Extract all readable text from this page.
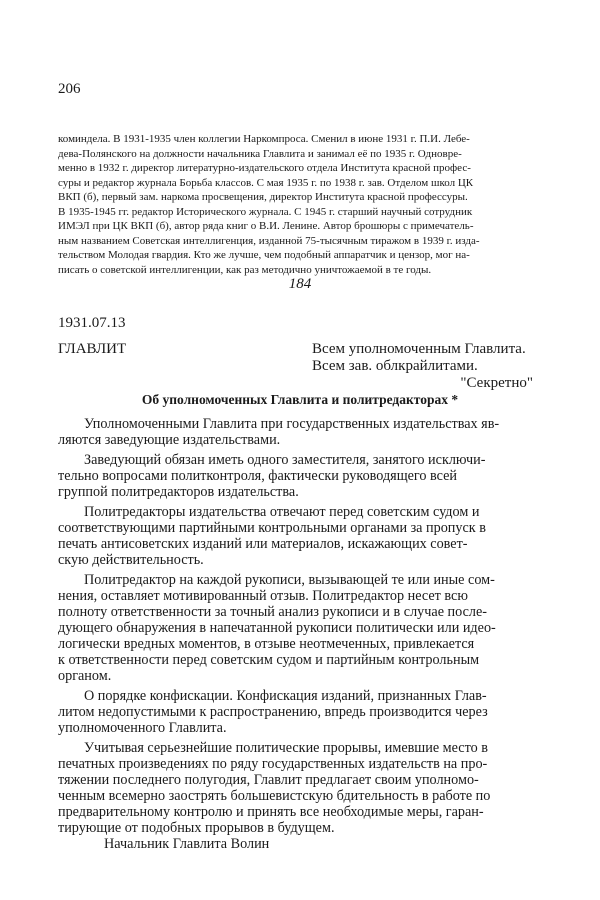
206
коминдела. В 1931-1935 член коллегии Наркомпроса. Сменил в июне 1931 г. П.И. Лебе-
дева-Полянского на должности начальника Главлита и занимал её по 1935 г. Одновре-
менно в 1932 г. директор литературно-издательского отдела Института красной профес-
суры и редактор журнала Борьба классов. С мая 1935 г. по 1938 г. зав. Отделом школ ЦК
ВКП (б), первый зам. наркома просвещения, директор Института красной профессуры.
В 1935-1945 гг. редактор Исторического журнала. С 1945 г. старший научный сотрудник
ИМЭЛ при ЦК ВКП (б), автор ряда книг о В.И. Ленине. Автор брошюры с примечатель-
ным названием Советская интеллигенция, изданной 75-тысячным тиражом в 1939 г. изда-
тельством Молодая гвардия. Кто же лучше, чем подобный аппаратчик и цензор, мог на-
писать о советской интеллигенции, как раз методично уничтожаемой в те годы.
184
1931.07.13
ГЛАВЛИТ	Всем уполномоченным Главлита.
Всем зав. облкрайлитами.
"Секретно"
Об уполномоченных Главлита и политредакторах *
Уполномоченными Главлита при государственных издательствах яв-
ляются заведующие издательствами.
Заведующий обязан иметь одного заместителя, занятого исключи-
тельно вопросами политконтроля, фактически руководящего всей
группой политредакторов издательства.
Политредакторы издательства отвечают перед советским судом и
соответствующими партийными контрольными органами за пропуск в
печать антисоветских изданий или материалов, искажающих совет-
скую действительность.
Политредактор на каждой рукописи, вызывающей те или иные сом-
нения, оставляет мотивированный отзыв. Политредактор несет всю
полноту ответственности за точный анализ рукописи и в случае после-
дующего обнаружения в напечатанной рукописи политически или идео-
логически вредных моментов, в отзыве неотмеченных, привлекается
к ответственности перед советским судом и партийным контрольным
органом.
О порядке конфискации. Конфискация изданий, признанных Глав-
литом недопустимыми к распространению, впредь производится через
уполномоченного Главлита.
Учитывая серьезнейшие политические прорывы, имевшие место в
печатных произведениях по ряду государственных издательств на про-
тяжении последнего полугодия, Главлит предлагает своим уполномо-
ченным всемерно заострять большевистскую бдительность в работе по
предварительному контролю и принять все необходимые меры, гаран-
тирующие от подобных прорывов в будущем.
Начальник Главлита Волин
